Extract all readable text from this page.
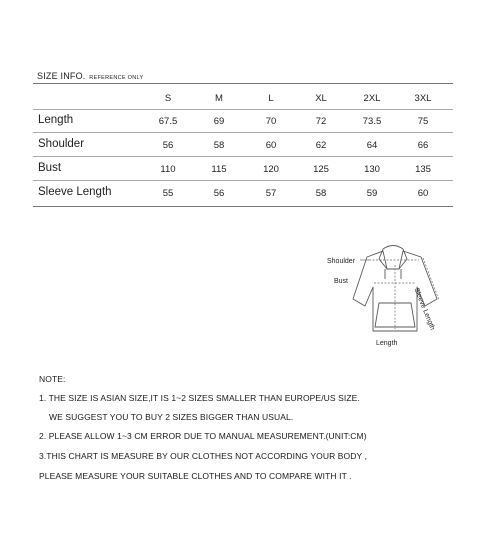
SIZE INFO. REFERENCE ONLY
S	M	L	XL	2XL	3XL
Length	67.5	69	70	72	73.5	75
Shoulder	56	58	60	62	64	66
Bust	110	115	120	125	130	135
Sleeve Length	55	56	57	58	59	60
Shoulder
Bust
Sleeve Length
Length
NOTE:
1. THE SIZE IS ASIAN SIZE,IT IS 1~2 SIZES SMALLER THAN EUROPE/US SIZE.
WE SUGGEST YOU TO BUY 2 SIZES BIGGER THAN USUAL.
2. PLEASE ALLOW 1~3 CM ERROR DUE TO MANUAL MEASUREMENT.(UNIT:CM)
3.THIS CHART IS MEASURE BY OUR CLOTHES NOT ACCORDING YOUR BODY ,
PLEASE MEASURE YOUR SUITABLE CLOTHES AND TO COMPARE WITH IT .
